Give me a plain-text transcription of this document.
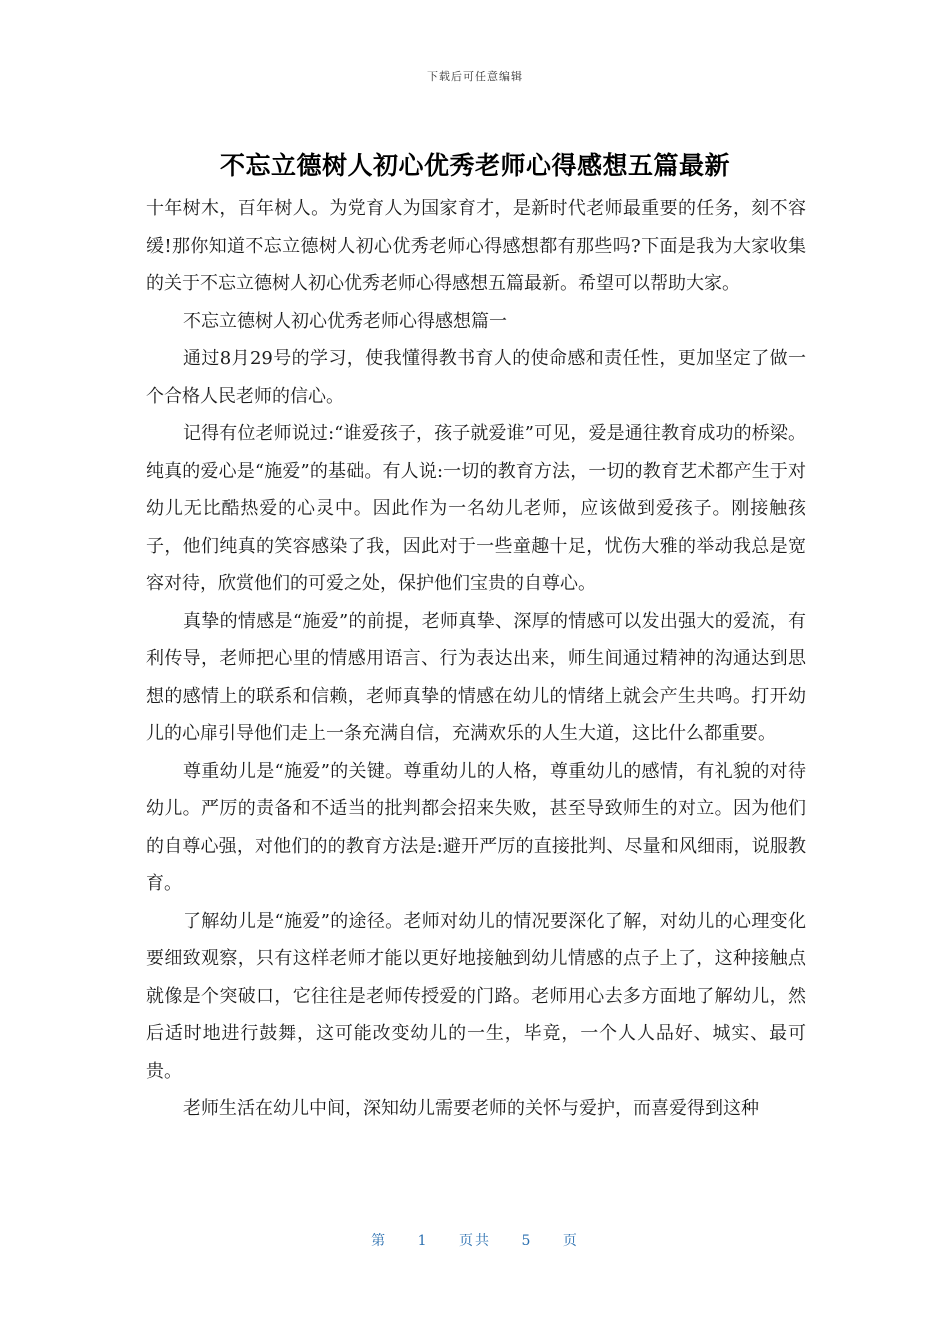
下载后可任意编辑
不忘立德树人初心优秀老师心得感想五篇最新

十年树木，百年树人。为党育人为国家育才，是新时代老师最重要的任务，刻不容缓!那你知道不忘立德树人初心优秀老师心得感想都有那些吗?下面是我为大家收集的关于不忘立德树人初心优秀老师心得感想五篇最新。希望可以帮助大家。

不忘立德树人初心优秀老师心得感想篇一

通过8月29号的学习，使我懂得教书育人的使命感和责任性，更加坚定了做一个合格人民老师的信心。

记得有位老师说过:“谁爱孩子，孩子就爱谁”可见，爱是通往教育成功的桥梁。纯真的爱心是“施爱”的基础。有人说:一切的教育方法，一切的教育艺术都产生于对幼儿无比酷热爱的心灵中。因此作为一名幼儿老师，应该做到爱孩子。刚接触孩子，他们纯真的笑容感染了我，因此对于一些童趣十足，忧伤大雅的举动我总是宽容对待，欣赏他们的可爱之处，保护他们宝贵的自尊心。

真挚的情感是“施爱”的前提，老师真挚、深厚的情感可以发出强大的爱流，有利传导，老师把心里的情感用语言、行为表达出来，师生间通过精神的沟通达到思想的感情上的联系和信赖，老师真挚的情感在幼儿的情绪上就会产生共鸣。打开幼儿的心扉引导他们走上一条充满自信，充满欢乐的人生大道，这比什么都重要。

尊重幼儿是“施爱”的关键。尊重幼儿的人格，尊重幼儿的感情，有礼貌的对待幼儿。严厉的责备和不适当的批判都会招来失败，甚至导致师生的对立。因为他们的自尊心强，对他们的的教育方法是:避开严厉的直接批判、尽量和风细雨，说服教育。

了解幼儿是“施爱”的途径。老师对幼儿的情况要深化了解，对幼儿的心理变化要细致观察，只有这样老师才能以更好地接触到幼儿情感的点子上了，这种接触点就像是个突破口，它往往是老师传授爱的门路。老师用心去多方面地了解幼儿，然后适时地进行鼓舞，这可能改变幼儿的一生，毕竟，一个人人品好、城实、最可贵。

老师生活在幼儿中间，深知幼儿需要老师的关怀与爱护，而喜爱得到这种

第 1 页共 5 页
